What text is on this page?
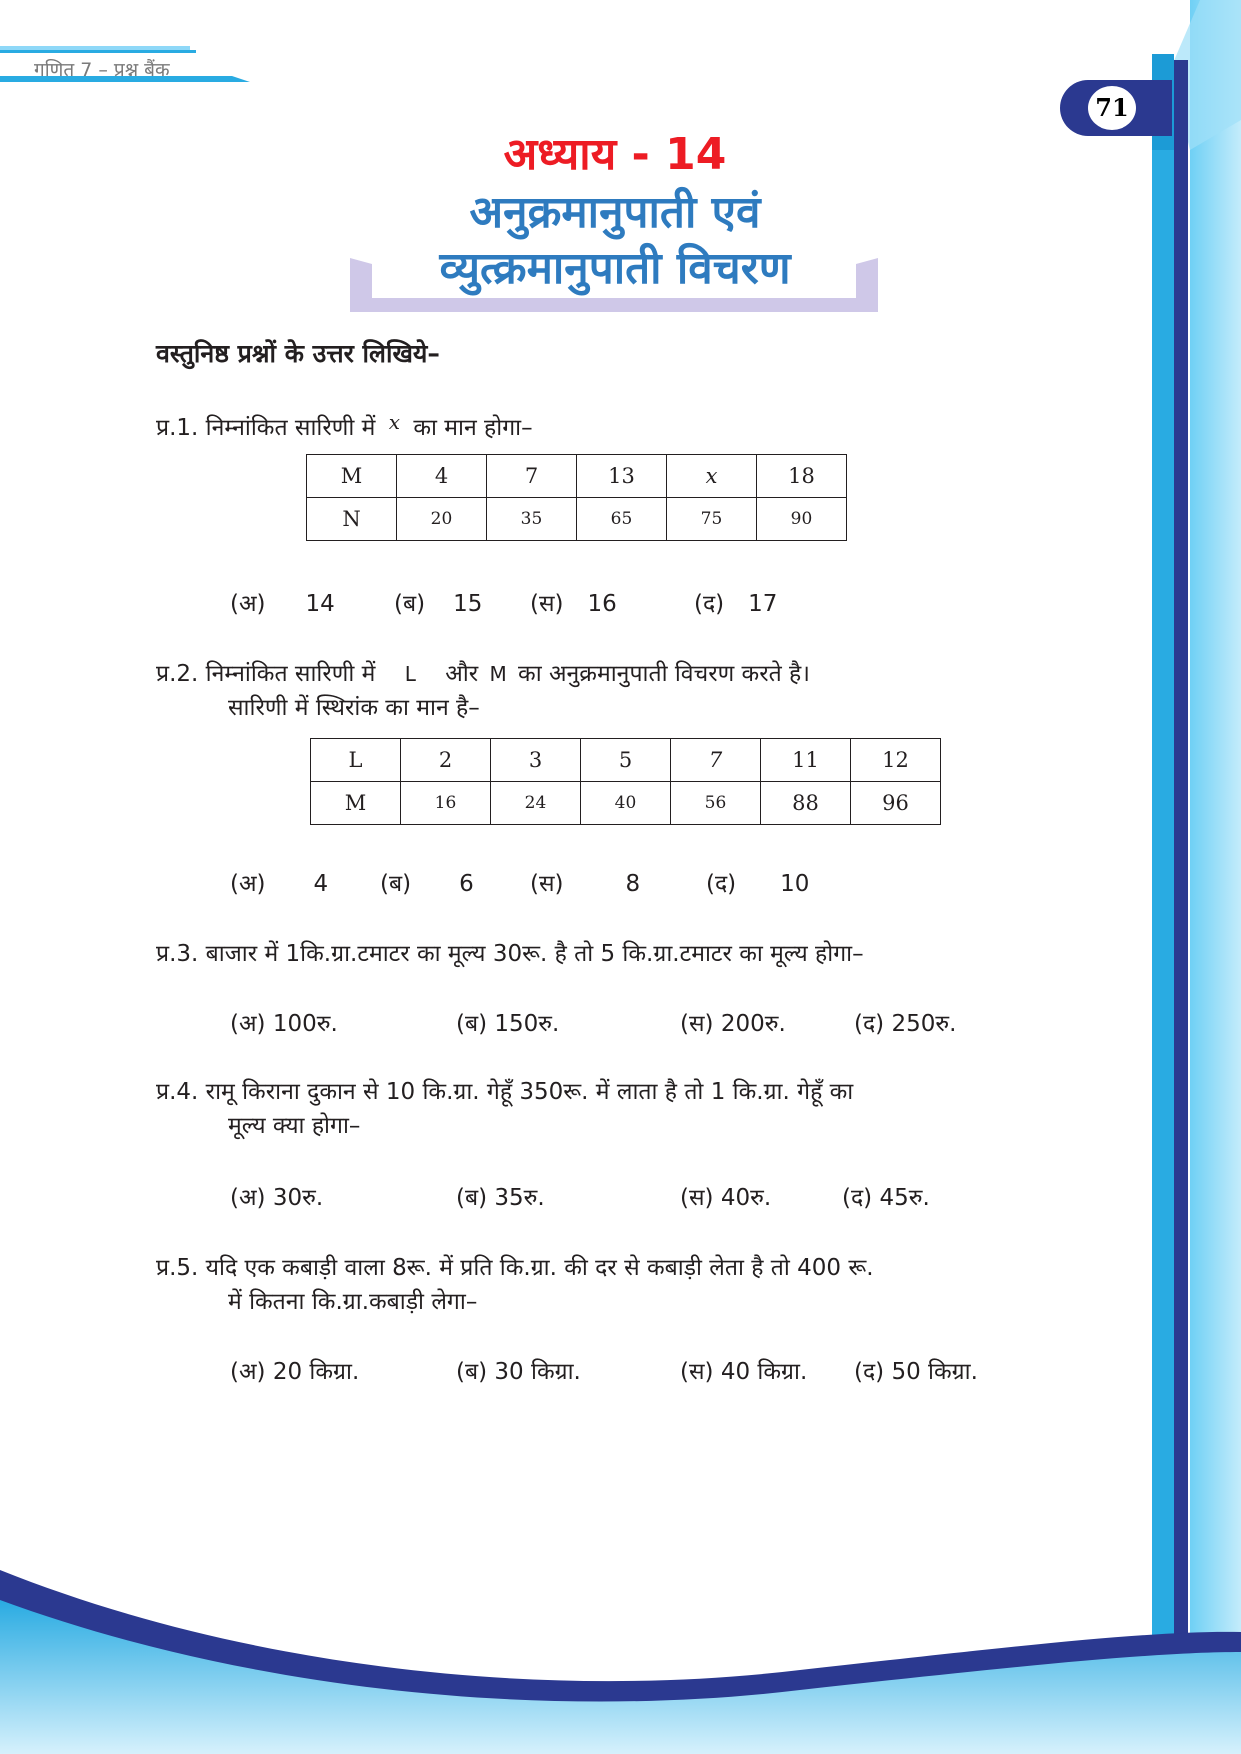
गणित 7 – प्रश्न बैंक
71
अध्याय - 14
अनुक्रमानुपाती एवं
व्युत्क्रमानुपाती विचरण
वस्तुनिष्ठ प्रश्नों के उत्तर लिखिये–
प्र.1. निम्नांकित सारिणी में x का मान होगा–
M	4	7	13	x	18
N	20	35	65	75	90
(अ) 14	(ब) 15 (स) 16	(द) 17
प्र.2. निम्नांकित सारिणी में L और M का अनुक्रमानुपाती विचरण करते है।
सारिणी में स्थिरांक का मान है–
L	2	3	5	7	11	12
M	16	24	40	56	88	96
(अ) 4 (ब) 6 (स)	8	(द) 10
प्र.3. बाजार में 1कि.ग्रा.टमाटर का मूल्य 30रू. है तो 5 कि.ग्रा.टमाटर का मूल्य होगा–
(अ) 100रु.	(ब) 150रु.	(स) 200रु.	(द) 250रु.
प्र.4. रामू किराना दुकान से 10 कि.ग्रा. गेहूँ 350रू. में लाता है तो 1 कि.ग्रा. गेहूँ का
मूल्य क्या होगा–
(अ) 30रु.	(ब) 35रु.	(स) 40रु.	(द) 45रु.
प्र.5. यदि एक कबाड़ी वाला 8रू. में प्रति कि.ग्रा. की दर से कबाड़ी लेता है तो 400 रू.
में कितना कि.ग्रा.कबाड़ी लेगा–
(अ) 20 किग्रा.	(ब) 30 किग्रा.	(स) 40 किग्रा. (द) 50 किग्रा.
